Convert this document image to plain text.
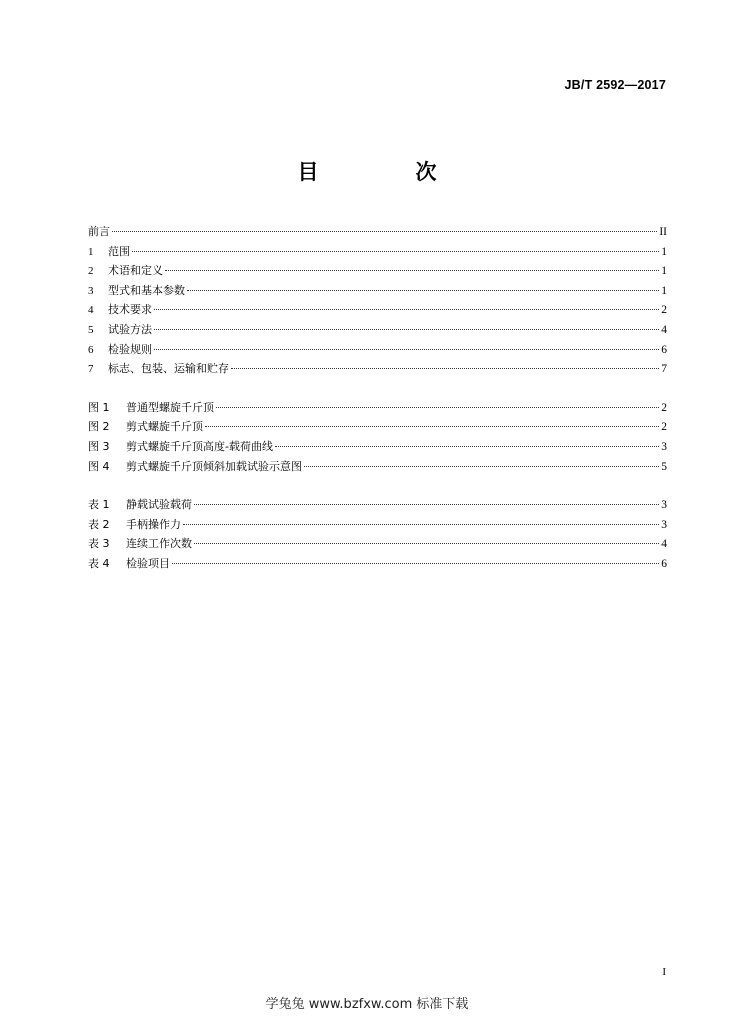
JB/T 2592—2017
目　次
前言	II
1	范围	1
2	术语和定义	1
3	型式和基本参数	1
4	技术要求	2
5	试验方法	4
6	检验规则	6
7	标志、包装、运输和贮存	7
图 1	普通型螺旋千斤顶	2
图 2	剪式螺旋千斤顶	2
图 3	剪式螺旋千斤顶高度-载荷曲线	3
图 4	剪式螺旋千斤顶倾斜加载试验示意图	5
表 1	静载试验载荷	3
表 2	手柄操作力	3
表 3	连续工作次数	4
表 4	检验项目	6
I
学兔兔 www.bzfxw.com 标准下载
